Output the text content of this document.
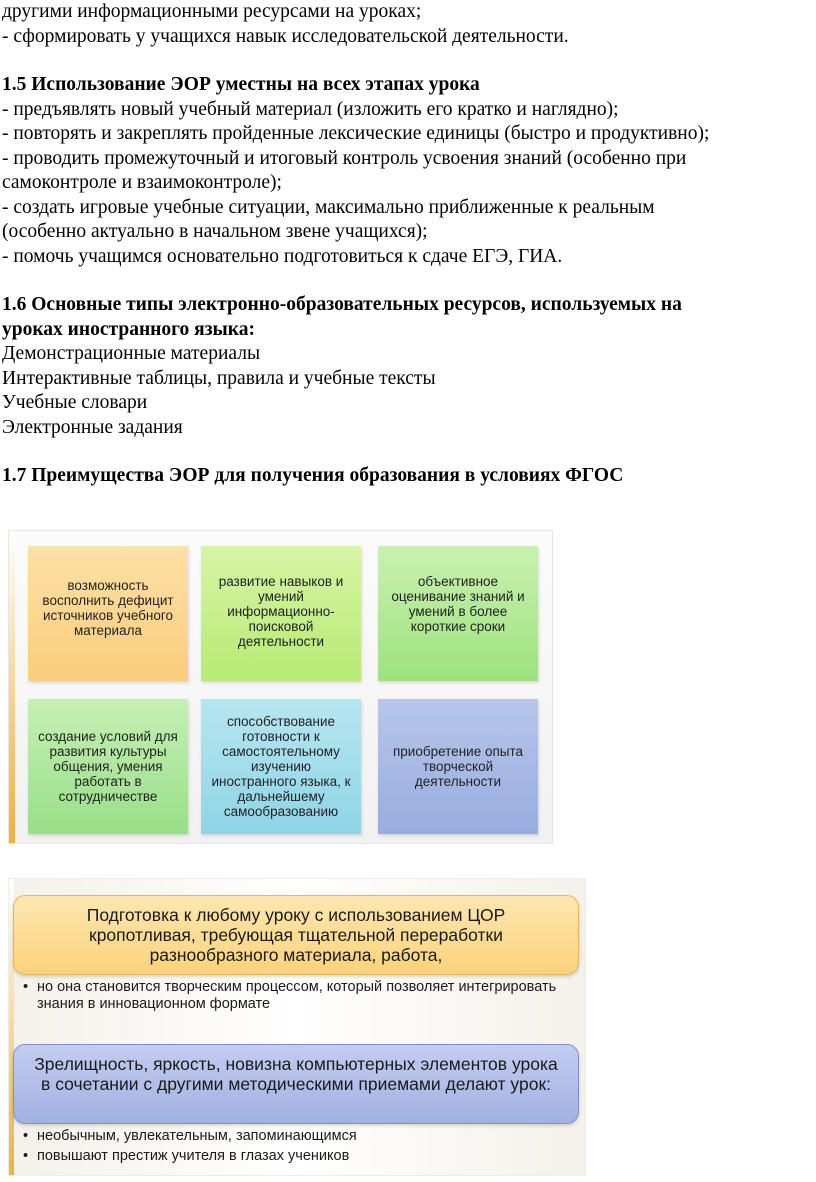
другими информационными ресурсами на уроках;

- сформировать у учащихся навык исследовательской деятельности.

1.5 Использование ЭОР уместны на всех этапах урока

- предъявлять новый учебный материал (изложить его кратко и наглядно);

- повторять и закреплять пройденные лексические единицы (быстро и продуктивно);

- проводить промежуточный и итоговый контроль усвоения знаний (особенно при

самоконтроле и взаимоконтроле);

- создать игровые учебные ситуации, максимально приближенные к реальным

(особенно актуально в начальном звене учащихся);

- помочь учащимся основательно подготовиться к сдаче ЕГЭ, ГИА.

1.6 Основные типы электронно-образовательных ресурсов, используемых на

уроках иностранного языка:

Демонстрационные материалы

Интерактивные таблицы, правила и учебные тексты

Учебные словари

Электронные задания

1.7 Преимущества ЭОР для получения образования в условиях ФГОС

возможность восполнить дефицит источников учебного материала
развитие навыков и умений информационно-поисковой деятельности
объективное оценивание знаний и умений в более короткие сроки
создание условий для развития культуры общения, умения работать в сотрудничестве
способствование готовности к самостоятельному изучению иностранного языка, к дальнейшему самообразованию
приобретение опыта творческой деятельности
Подготовка к любому уроку с использованием ЦОР кропотливая, требующая тщательной переработки разнообразного материала, работа,
• но она становится творческим процессом, который позволяет интегрировать знания в инновационном формате
Зрелищность, яркость, новизна компьютерных элементов урока в сочетании с другими методическими приемами делают урок:
• необычным, увлекательным, запоминающимся
• повышают престиж учителя в глазах учеников
